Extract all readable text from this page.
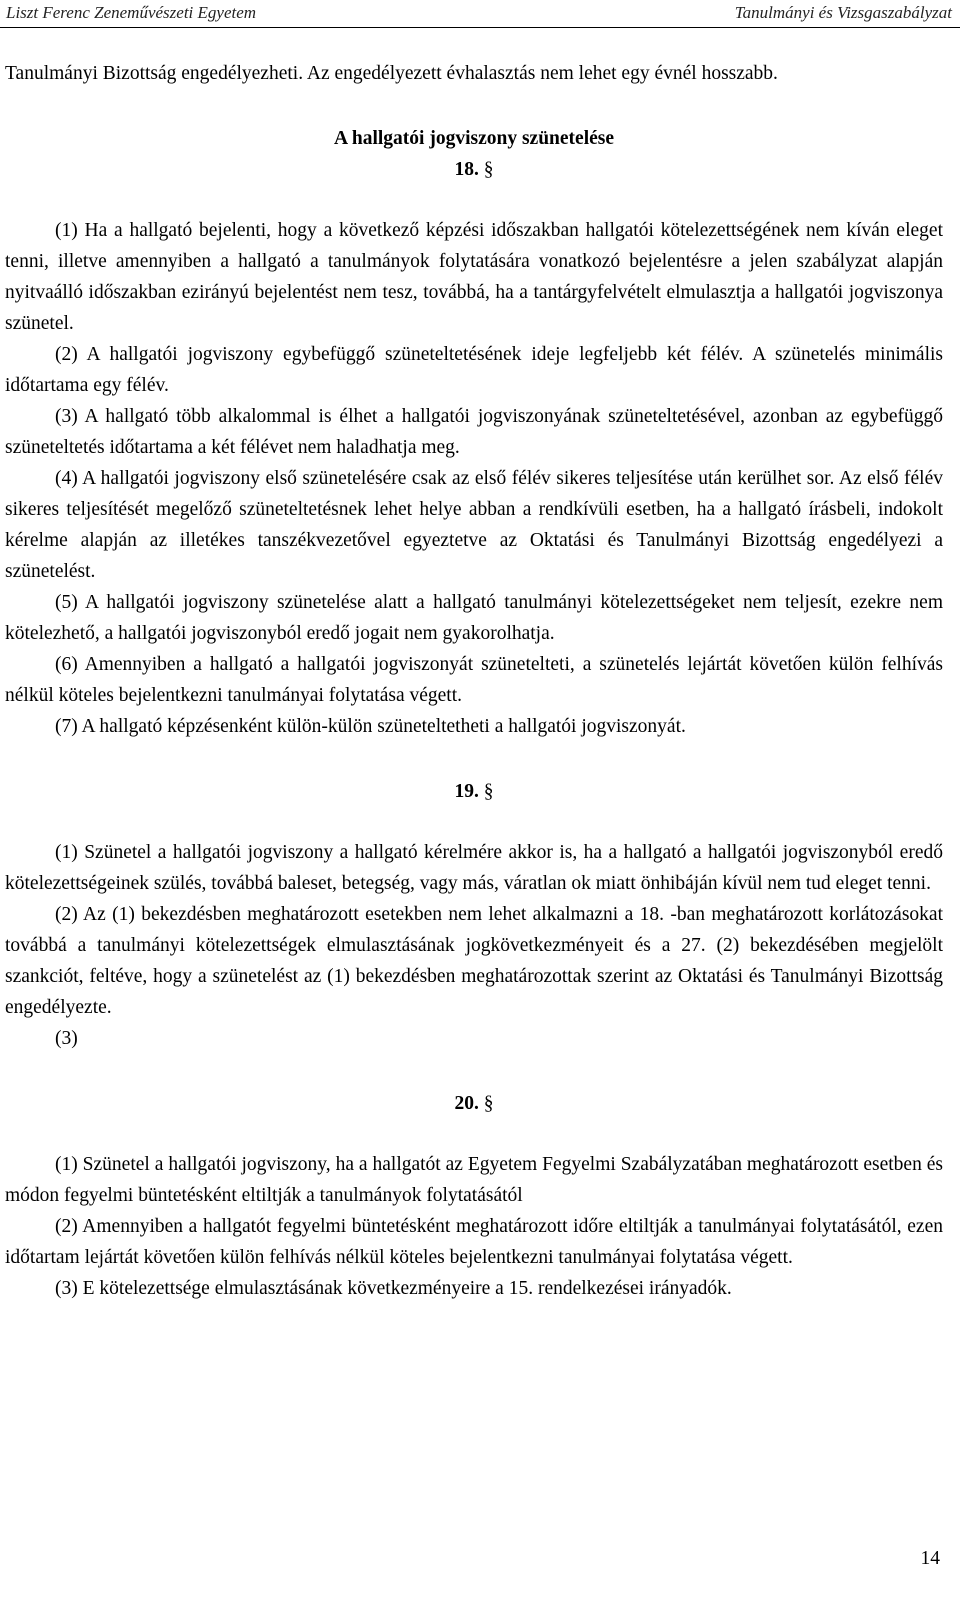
Liszt Ferenc Zeneművészeti Egyetem	Tanulmányi és Vizsgaszabályzat

Tanulmányi Bizottság engedélyezheti. Az engedélyezett évhalasztás nem lehet egy évnél hosszabb.

A hallgatói jogviszony szünetelése

18. §

(1) Ha a hallgató bejelenti, hogy a következő képzési időszakban hallgatói kötelezettségének nem kíván eleget tenni, illetve amennyiben a hallgató a tanulmányok folytatására vonatkozó bejelentésre a jelen szabályzat alapján nyitvaálló időszakban ezirányú bejelentést nem tesz, továbbá, ha a tantárgyfelvételt elmulasztja a hallgatói jogviszonya szünetel.

(2) A hallgatói jogviszony egybefüggő szüneteltetésének ideje legfeljebb két félév. A szünetelés minimális időtartama egy félév.

(3) A hallgató több alkalommal is élhet a hallgatói jogviszonyának szüneteltetésével, azonban az egybefüggő szüneteltetés időtartama a két félévet nem haladhatja meg.

(4) A hallgatói jogviszony első szünetelésére csak az első félév sikeres teljesítése után kerülhet sor. Az első félév sikeres teljesítését megelőző szüneteltetésnek lehet helye abban a rendkívüli esetben, ha a hallgató írásbeli, indokolt kérelme alapján az illetékes tanszékvezetővel egyeztetve az Oktatási és Tanulmányi Bizottság engedélyezi a szünetelést.

(5) A hallgatói jogviszony szünetelése alatt a hallgató tanulmányi kötelezettségeket nem teljesít, ezekre nem kötelezhető, a hallgatói jogviszonyból eredő jogait nem gyakorolhatja.

(6) Amennyiben a hallgató a hallgatói jogviszonyát szünetelteti, a szünetelés lejártát követően külön felhívás nélkül köteles bejelentkezni tanulmányai folytatása végett.

(7) A hallgató képzésenként külön-külön szüneteltetheti a hallgatói jogviszonyát.

19. §

(1) Szünetel a hallgatói jogviszony a hallgató kérelmére akkor is, ha a hallgató a hallgatói jogviszonyból eredő kötelezettségeinek szülés, továbbá baleset, betegség, vagy más, váratlan ok miatt önhibáján kívül nem tud eleget tenni.

(2) Az (1) bekezdésben meghatározott esetekben nem lehet alkalmazni a 18. -ban meghatározott korlátozásokat továbbá a tanulmányi kötelezettségek elmulasztásának jogkövetkezményeit és a 27. (2) bekezdésében megjelölt szankciót, feltéve, hogy a szünetelést az (1) bekezdésben meghatározottak szerint az Oktatási és Tanulmányi Bizottság engedélyezte.

(3)

20. §

(1) Szünetel a hallgatói jogviszony, ha a hallgatót az Egyetem Fegyelmi Szabályzatában meghatározott esetben és módon fegyelmi büntetésként eltiltják a tanulmányok folytatásától

(2) Amennyiben a hallgatót fegyelmi büntetésként meghatározott időre eltiltják a tanulmányai folytatásától, ezen időtartam lejártát követően külön felhívás nélkül köteles bejelentkezni tanulmányai folytatása végett.

(3) E kötelezettsége elmulasztásának következményeire a 15. rendelkezései irányadók.

14
